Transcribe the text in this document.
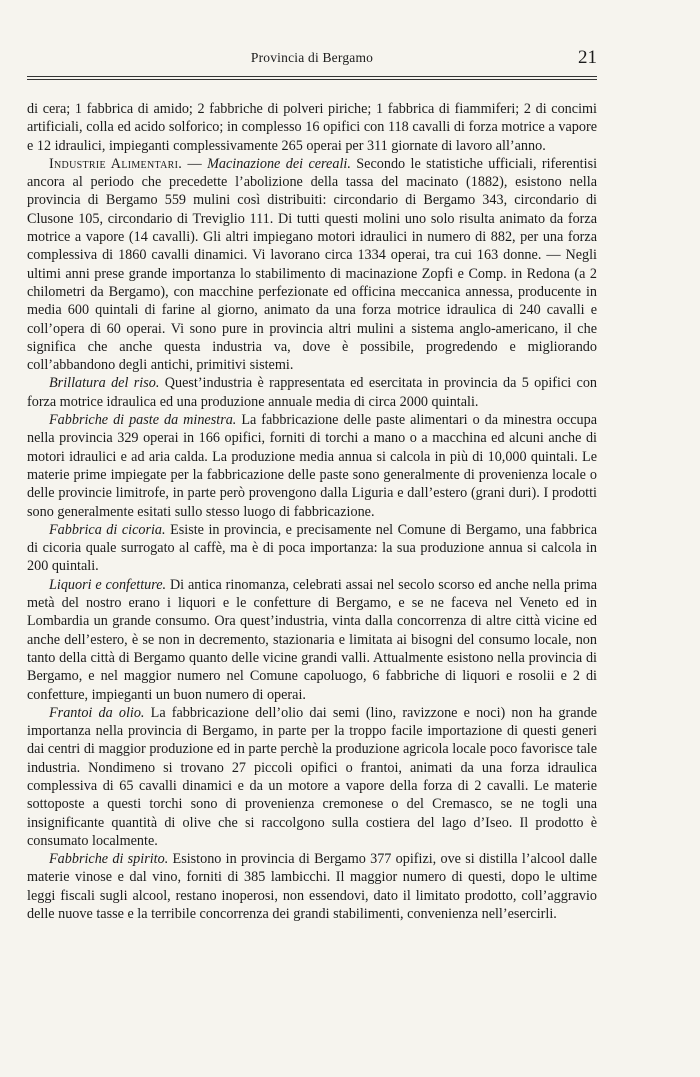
Provincia di Bergamo	21

di cera; 1 fabbrica di amido; 2 fabbriche di polveri piriche; 1 fabbrica di fiammiferi; 2 di concimi artificiali, colla ed acido solforico; in complesso 16 opifici con 118 cavalli di forza motrice a vapore e 12 idraulici, impieganti complessivamente 265 operai per 311 giornate di lavoro all’anno.

Industrie Alimentari. — Macinazione dei cereali. Secondo le statistiche ufficiali, riferentisi ancora al periodo che precedette l’abolizione della tassa del macinato (1882), esistono nella provincia di Bergamo 559 mulini così distribuiti: circondario di Bergamo 343, circondario di Clusone 105, circondario di Treviglio 111. Di tutti questi molini uno solo risulta animato da forza motrice a vapore (14 cavalli). Gli altri impiegano motori idraulici in numero di 882, per una forza complessiva di 1860 cavalli dinamici. Vi lavorano circa 1334 operai, tra cui 163 donne. — Negli ultimi anni prese grande importanza lo stabilimento di macinazione Zopfi e Comp. in Redona (a 2 chilometri da Bergamo), con macchine perfezionate ed officina meccanica annessa, producente in media 600 quintali di farine al giorno, animato da una forza motrice idraulica di 240 cavalli e coll’opera di 60 operai. Vi sono pure in provincia altri mulini a sistema anglo-americano, il che significa che anche questa industria va, dove è possibile, progredendo e migliorando coll’abbandono degli antichi, primitivi sistemi.

Brillatura del riso. Quest’industria è rappresentata ed esercitata in provincia da 5 opifici con forza motrice idraulica ed una produzione annuale media di circa 2000 quintali.

Fabbriche di paste da minestra. La fabbricazione delle paste alimentari o da minestra occupa nella provincia 329 operai in 166 opifici, forniti di torchi a mano o a macchina ed alcuni anche di motori idraulici e ad aria calda. La produzione media annua si calcola in più di 10,000 quintali. Le materie prime impiegate per la fabbricazione delle paste sono generalmente di provenienza locale o delle provincie limitrofe, in parte però provengono dalla Liguria e dall’estero (grani duri). I prodotti sono generalmente esitati sullo stesso luogo di fabbricazione.

Fabbrica di cicoria. Esiste in provincia, e precisamente nel Comune di Bergamo, una fabbrica di cicoria quale surrogato al caffè, ma è di poca importanza: la sua produzione annua si calcola in 200 quintali.

Liquori e confetture. Di antica rinomanza, celebrati assai nel secolo scorso ed anche nella prima metà del nostro erano i liquori e le confetture di Bergamo, e se ne faceva nel Veneto ed in Lombardia un grande consumo. Ora quest’industria, vinta dalla concorrenza di altre città vicine ed anche dell’estero, è se non in decremento, stazionaria e limitata ai bisogni del consumo locale, non tanto della città di Bergamo quanto delle vicine grandi valli. Attualmente esistono nella provincia di Bergamo, e nel maggior numero nel Comune capoluogo, 6 fabbriche di liquori e rosolii e 2 di confetture, impieganti un buon numero di operai.

Frantoi da olio. La fabbricazione dell’olio dai semi (lino, ravizzone e noci) non ha grande importanza nella provincia di Bergamo, in parte per la troppo facile importazione di questi generi dai centri di maggior produzione ed in parte perchè la produzione agricola locale poco favorisce tale industria. Nondimeno si trovano 27 piccoli opifici o frantoi, animati da una forza idraulica complessiva di 65 cavalli dinamici e da un motore a vapore della forza di 2 cavalli. Le materie sottoposte a questi torchi sono di provenienza cremonese o del Cremasco, se ne togli una insignificante quantità di olive che si raccolgono sulla costiera del lago d’Iseo. Il prodotto è consumato localmente.

Fabbriche di spirito. Esistono in provincia di Bergamo 377 opifizi, ove si distilla l’alcool dalle materie vinose e dal vino, forniti di 385 lambicchi. Il maggior numero di questi, dopo le ultime leggi fiscali sugli alcool, restano inoperosi, non essendovi, dato il limitato prodotto, coll’aggravio delle nuove tasse e la terribile concorrenza dei grandi stabilimenti, convenienza nell’esercirli.
